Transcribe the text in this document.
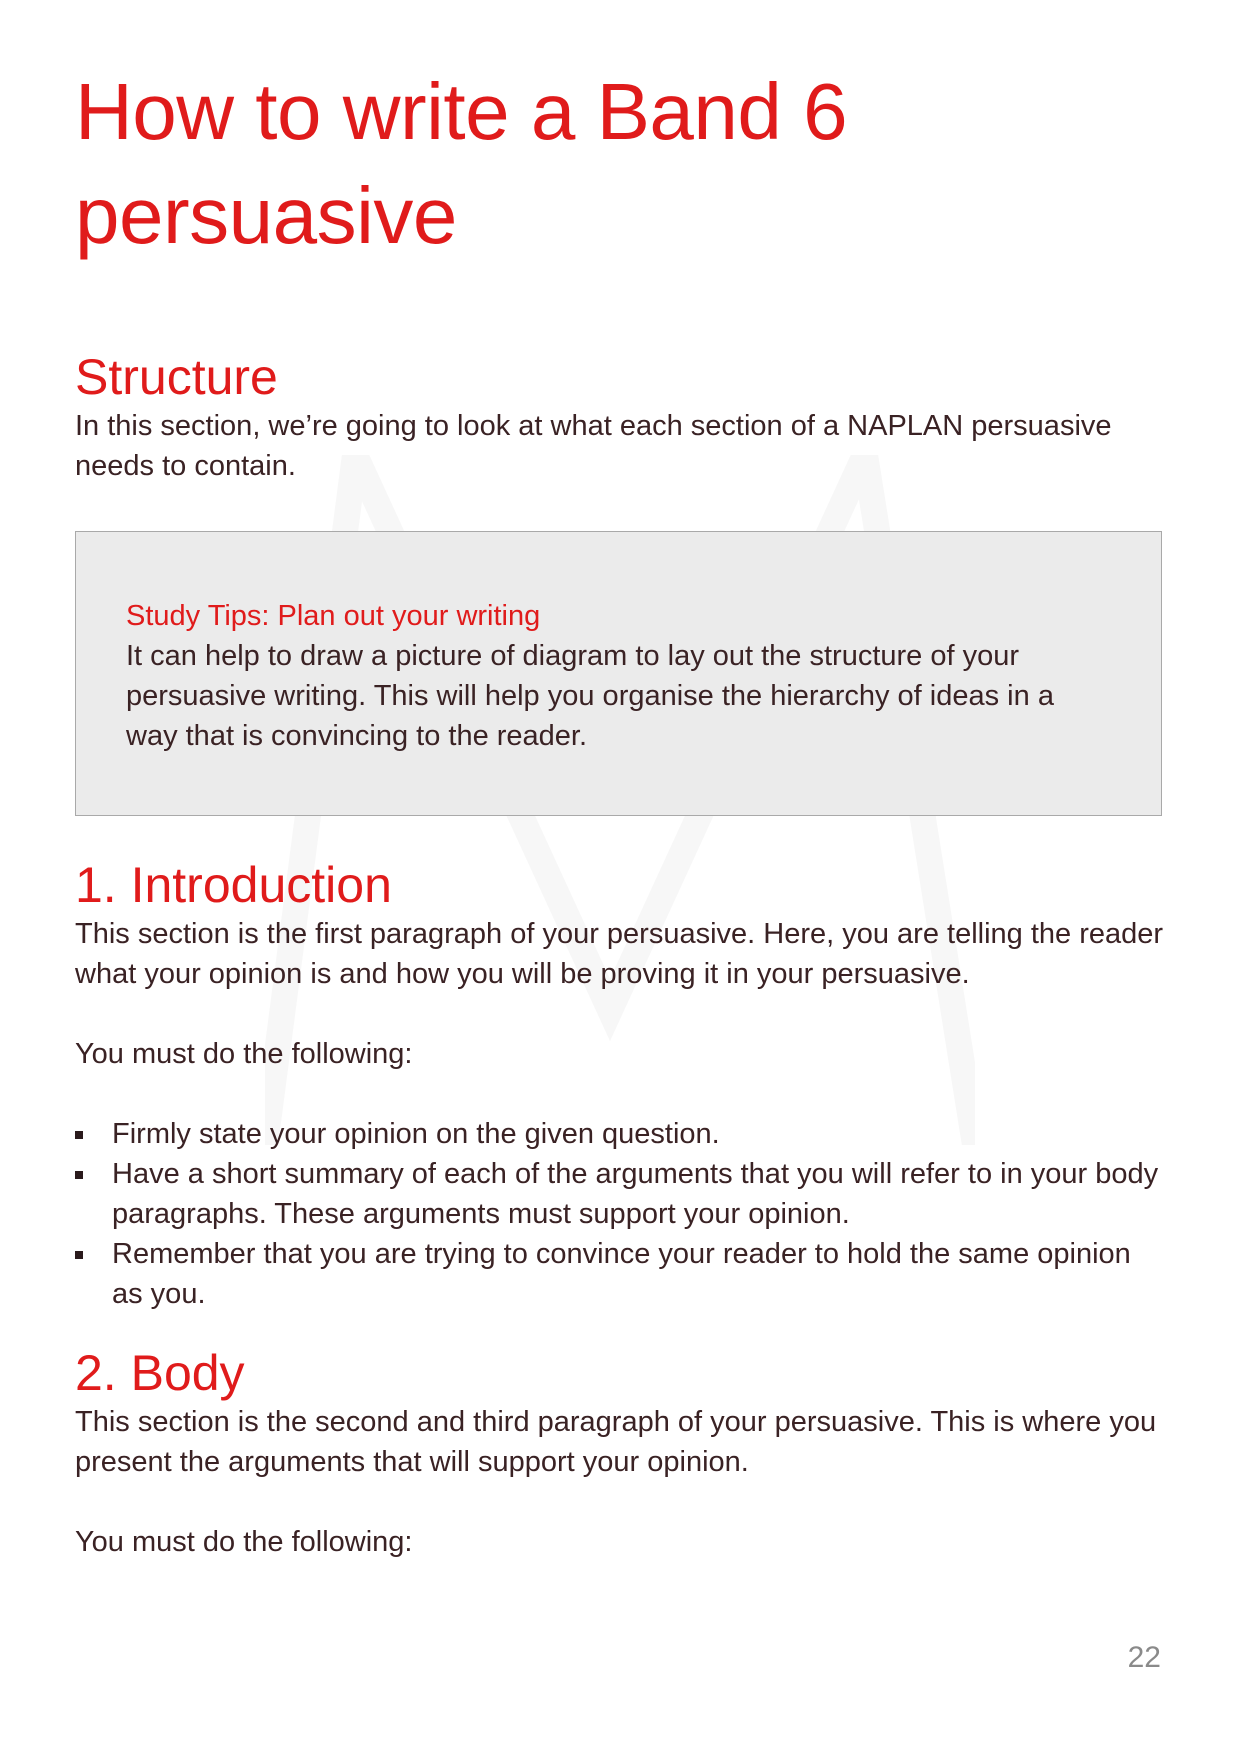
How to write a Band 6 persuasive
Structure

In this section, we’re going to look at what each section of a NAPLAN persuasive needs to contain.

Study Tips: Plan out your writing

It can help to draw a picture of diagram to lay out the structure of your persuasive writing. This will help you organise the hierarchy of ideas in a way that is convincing to the reader.

1. Introduction

This section is the first paragraph of your persuasive. Here, you are telling the reader what your opinion is and how you will be proving it in your persuasive.

You must do the following:

Firmly state your opinion on the given question.
Have a short summary of each of the arguments that you will refer to in your body paragraphs. These arguments must support your opinion.
Remember that you are trying to convince your reader to hold the same opinion as you.
2. Body

This section is the second and third paragraph of your persuasive. This is where you present the arguments that will support your opinion.

You must do the following:

22
